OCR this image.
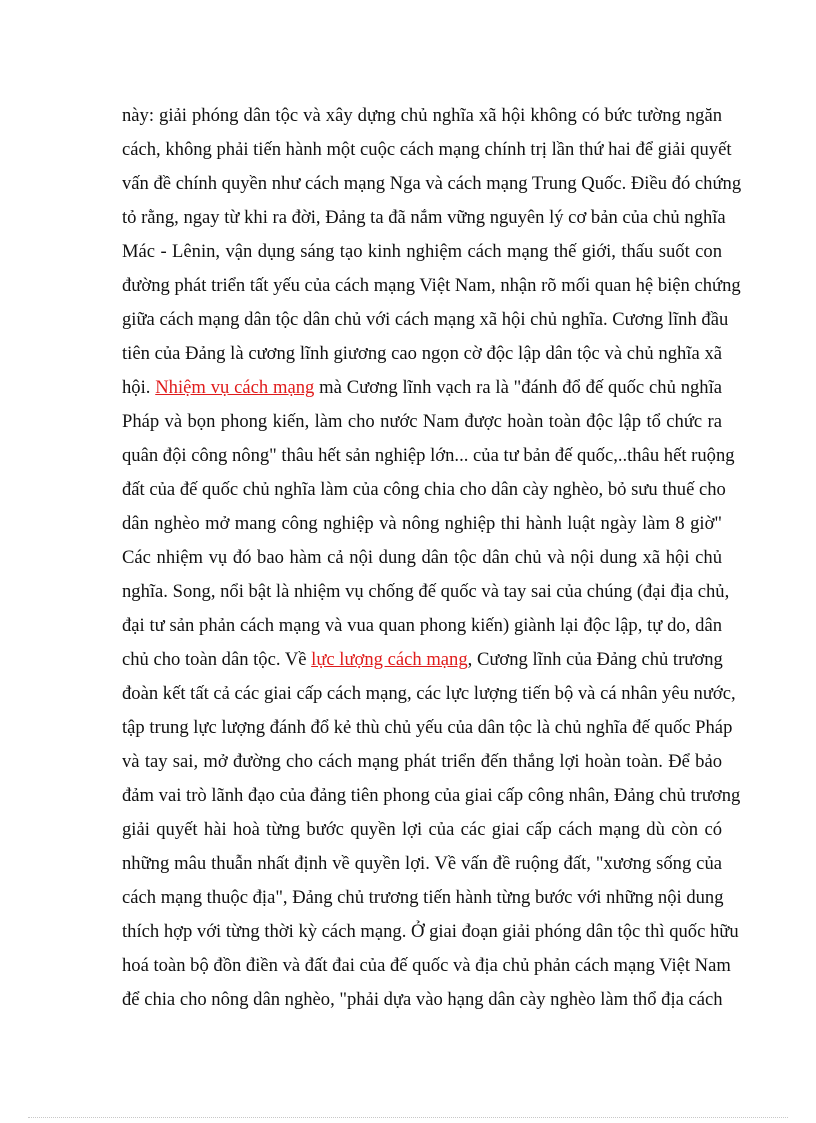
này: giải phóng dân tộc và xây dựng chủ nghĩa xã hội không có bức tường ngăn
cách, không phải tiến hành một cuộc cách mạng chính trị lần thứ hai để giải quyết
vấn đề chính quyền như cách mạng Nga và cách mạng Trung Quốc. Điều đó chứng
tỏ rằng, ngay từ khi ra đời, Đảng ta đã nắm vững nguyên lý cơ bản của chủ nghĩa
Mác - Lênin, vận dụng sáng tạo kinh nghiệm cách mạng thế giới, thấu suốt con
đường phát triển tất yếu của cách mạng Việt Nam, nhận rõ mối quan hệ biện chứng
giữa cách mạng dân tộc dân chủ với cách mạng xã hội chủ nghĩa. Cương lĩnh đầu
tiên của Đảng là cương lĩnh giương cao ngọn cờ độc lập dân tộc và chủ nghĩa xã
hội. Nhiệm vụ cách mạng mà Cương lĩnh vạch ra là "đánh đổ đế quốc chủ nghĩa
Pháp và bọn phong kiến, làm cho nước Nam được hoàn toàn độc lập tổ chức ra
quân đội công nông" thâu hết sản nghiệp lớn... của tư bản đế quốc,..thâu hết ruộng
đất của đế quốc chủ nghĩa làm của công chia cho dân cày nghèo, bỏ sưu thuế cho
dân nghèo mở mang công nghiệp và nông nghiệp thi hành luật ngày làm 8 giờ"
Các nhiệm vụ đó bao hàm cả nội dung dân tộc dân chủ và nội dung xã hội chủ
nghĩa. Song, nổi bật là nhiệm vụ chống đế quốc và tay sai của chúng (đại địa chủ,
đại tư sản phản cách mạng và vua quan phong kiến) giành lại độc lập, tự do, dân
chủ cho toàn dân tộc. Về lực lượng cách mạng, Cương lĩnh của Đảng chủ trương
đoàn kết tất cả các giai cấp cách mạng, các lực lượng tiến bộ và cá nhân yêu nước,
tập trung lực lượng đánh đổ kẻ thù chủ yếu của dân tộc là chủ nghĩa đế quốc Pháp
và tay sai, mở đường cho cách mạng phát triển đến thắng lợi hoàn toàn. Để bảo
đảm vai trò lãnh đạo của đảng tiên phong của giai cấp công nhân, Đảng chủ trương
giải quyết hài hoà từng bước quyền lợi của các giai cấp cách mạng dù còn có
những mâu thuẫn nhất định về quyền lợi. Về vấn đề ruộng đất, "xương sống của
cách mạng thuộc địa", Đảng chủ trương tiến hành từng bước với những nội dung
thích hợp với từng thời kỳ cách mạng. Ở giai đoạn giải phóng dân tộc thì quốc hữu
hoá toàn bộ đồn điền và đất đai của đế quốc và địa chủ phản cách mạng Việt Nam
để chia cho nông dân nghèo, "phải dựa vào hạng dân cày nghèo làm thổ địa cách
